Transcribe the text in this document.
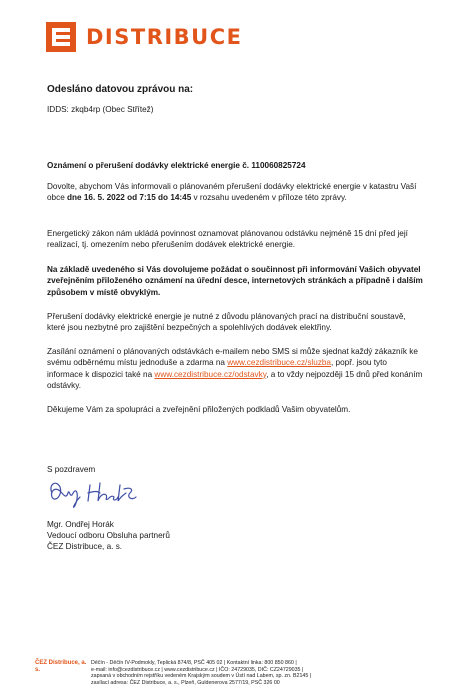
DISTRIBUCE
Odesláno datovou zprávou na:
IDDS: zkqb4rp (Obec Střítež)
Oznámení o přerušení dodávky elektrické energie č. 110060825724
Dovolte, abychom Vás informovali o plánovaném přerušení dodávky elektrické energie v katastru Vaší obce dne 16. 5. 2022 od 7:15 do 14:45 v rozsahu uvedeném v příloze této zprávy.
Energetický zákon nám ukládá povinnost oznamovat plánovanou odstávku nejméně 15 dní před její realizací, tj. omezením nebo přerušením dodávek elektrické energie.
Na základě uvedeného si Vás dovolujeme požádat o součinnost při informování Vašich obyvatel zveřejněním přiloženého oznámení na úřední desce, internetových stránkách a případně i dalším způsobem v místě obvyklým.
Přerušení dodávky elektrické energie je nutné z důvodu plánovaných prací na distribuční soustavě, které jsou nezbytné pro zajištění bezpečných a spolehlivých dodávek elektřiny.
Zasílání oznámení o plánovaných odstávkách e-mailem nebo SMS si může sjednat každý zákazník ke svému odběrnému místu jednoduše a zdarma na www.cezdistribuce.cz/sluzba, popř. jsou tyto informace k dispozici také na www.cezdistribuce.cz/odstavky, a to vždy nejpozději 15 dnů před konáním odstávky.
Děkujeme Vám za spolupráci a zveřejnění přiložených podkladů Vašim obyvatelům.
S pozdravem
Mgr. Ondřej Horák
Vedoucí odboru Obsluha partnerů
ČEZ Distribuce, a. s.
ČEZ Distribuce, a. s.
Děčín - Děčín IV-Podmokly, Teplická 874/8, PSČ 405 02 | Kontaktní linka: 800 850 860 |
e-mail: info@cezdistribuce.cz | www.cezdistribuce.cz | IČO: 24729035, DIČ: CZ24729035 |
zapsaná v obchodním rejstříku vedeném Krajským soudem v Ústí nad Labem, sp. zn. B2145 |
zasílací adresa: ČEZ Distribuce, a. s., Plzeň, Guldenerova 2577/19, PSČ 326 00
